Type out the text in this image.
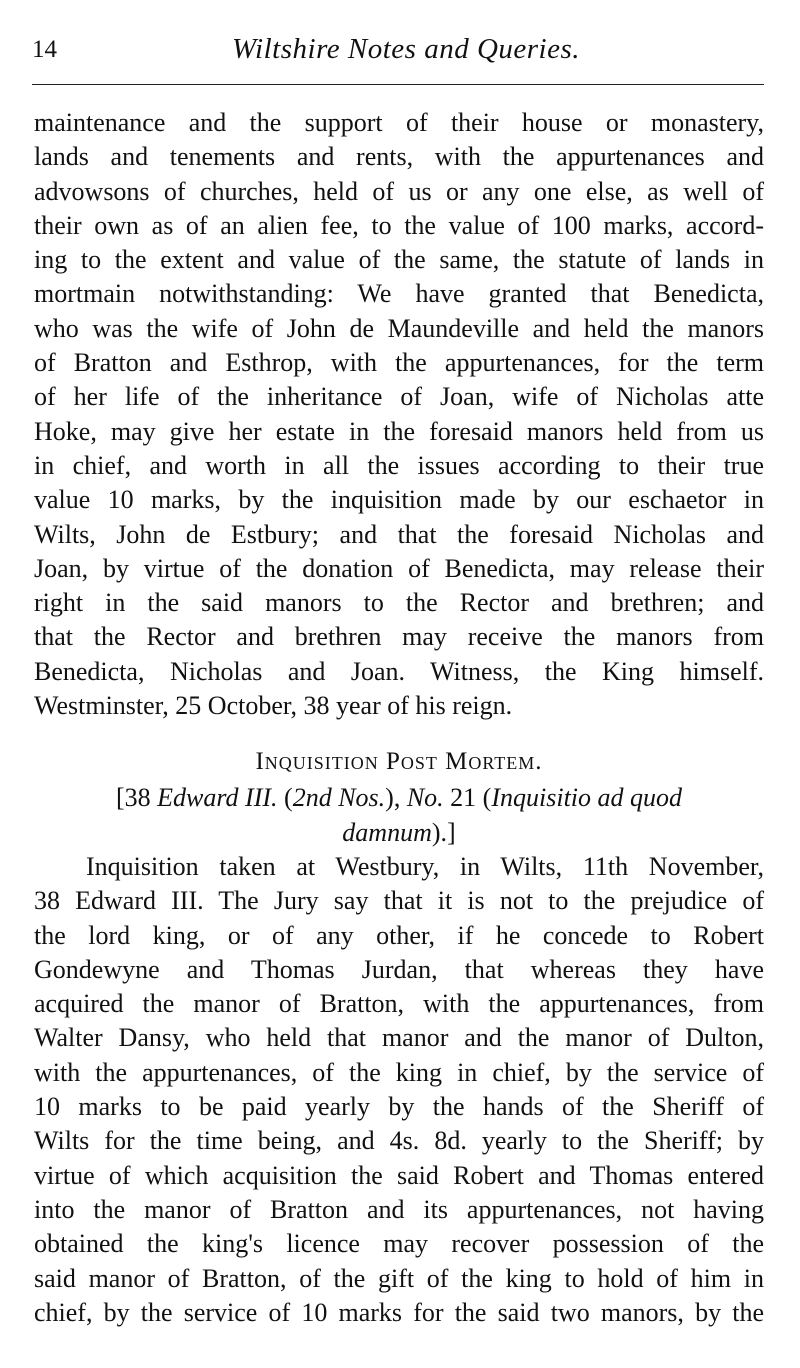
14	Wiltshire Notes and Queries.
maintenance and the support of their house or monastery,
lands and tenements and rents, with the appurtenances and
advowsons of churches, held of us or any one else, as well of
their own as of an alien fee, to the value of 100 marks, accord-
ing to the extent and value of the same, the statute of lands in
mortmain notwithstanding: We have granted that Benedicta,
who was the wife of John de Maundeville and held the manors
of Bratton and Esthrop, with the appurtenances, for the term
of her life of the inheritance of Joan, wife of Nicholas atte
Hoke, may give her estate in the foresaid manors held from us
in chief, and worth in all the issues according to their true
value 10 marks, by the inquisition made by our eschaetor in
Wilts, John de Estbury; and that the foresaid Nicholas and
Joan, by virtue of the donation of Benedicta, may release their
right in the said manors to the Rector and brethren; and
that the Rector and brethren may receive the manors from
Benedicta, Nicholas and Joan. Witness, the King himself.
Westminster, 25 October, 38 year of his reign.
Inquisition Post Mortem.
[38 Edward III. (2nd Nos.), No. 21 (Inquisitio ad quod
damnum).]
Inquisition taken at Westbury, in Wilts, 11th November,
38 Edward III. The Jury say that it is not to the prejudice of
the lord king, or of any other, if he concede to Robert
Gondewyne and Thomas Jurdan, that whereas they have
acquired the manor of Bratton, with the appurtenances, from
Walter Dansy, who held that manor and the manor of Dulton,
with the appurtenances, of the king in chief, by the service of
10 marks to be paid yearly by the hands of the Sheriff of
Wilts for the time being, and 4s. 8d. yearly to the Sheriff; by
virtue of which acquisition the said Robert and Thomas entered
into the manor of Bratton and its appurtenances, not having
obtained the king's licence may recover possession of the
said manor of Bratton, of the gift of the king to hold of him in
chief, by the service of 10 marks for the said two manors, by the
